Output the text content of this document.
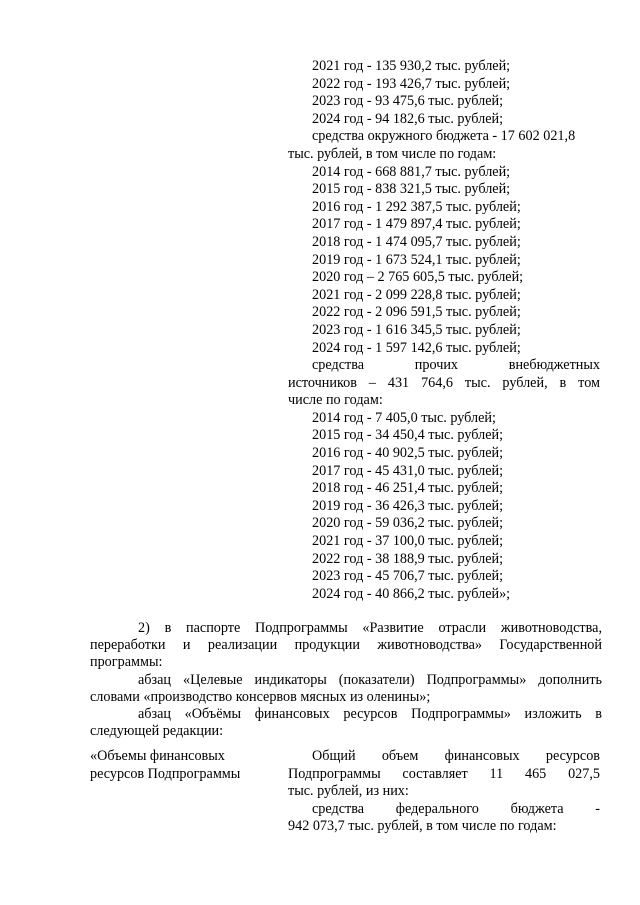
2021 год - 135 930,2 тыс. рублей;

2022 год - 193 426,7 тыс. рублей;

2023 год - 93 475,6 тыс. рублей;

2024 год - 94 182,6 тыс. рублей;

средства окружного бюджета - 17 602 021,8

тыс. рублей, в том числе по годам:

2014 год - 668 881,7 тыс. рублей;

2015 год - 838 321,5 тыс. рублей;

2016 год - 1 292 387,5 тыс. рублей;

2017 год - 1 479 897,4 тыс. рублей;

2018 год - 1 474 095,7 тыс. рублей;

2019 год - 1 673 524,1 тыс. рублей;

2020 год – 2 765 605,5 тыс. рублей;

2021 год - 2 099 228,8 тыс. рублей;

2022 год - 2 096 591,5 тыс. рублей;

2023 год - 1 616 345,5 тыс. рублей;

2024 год - 1 597 142,6 тыс. рублей;

средства прочих внебюджетных

источников – 431 764,6 тыс. рублей, в том

числе по годам:

2014 год - 7 405,0 тыс. рублей;

2015 год - 34 450,4 тыс. рублей;

2016 год - 40 902,5 тыс. рублей;

2017 год - 45 431,0 тыс. рублей;

2018 год - 46 251,4 тыс. рублей;

2019 год - 36 426,3 тыс. рублей;

2020 год - 59 036,2 тыс. рублей;

2021 год - 37 100,0 тыс. рублей;

2022 год - 38 188,9 тыс. рублей;

2023 год - 45 706,7 тыс. рублей;

2024 год - 40 866,2 тыс. рублей»;

2) в паспорте Подпрограммы «Развитие отрасли животноводства, переработки и реализации продукции животноводства» Государственной программы:

абзац «Целевые индикаторы (показатели) Подпрограммы» дополнить словами «производство консервов мясных из оленины»;

абзац «Объёмы финансовых ресурсов Подпрограммы» изложить в следующей редакции:

«Объемы финансовых

ресурсов Подпрограммы

Общий объем финансовых ресурсов

Подпрограммы составляет 11 465 027,5

тыс. рублей, из них:

средства федерального бюджета -

942 073,7 тыс. рублей, в том числе по годам:
